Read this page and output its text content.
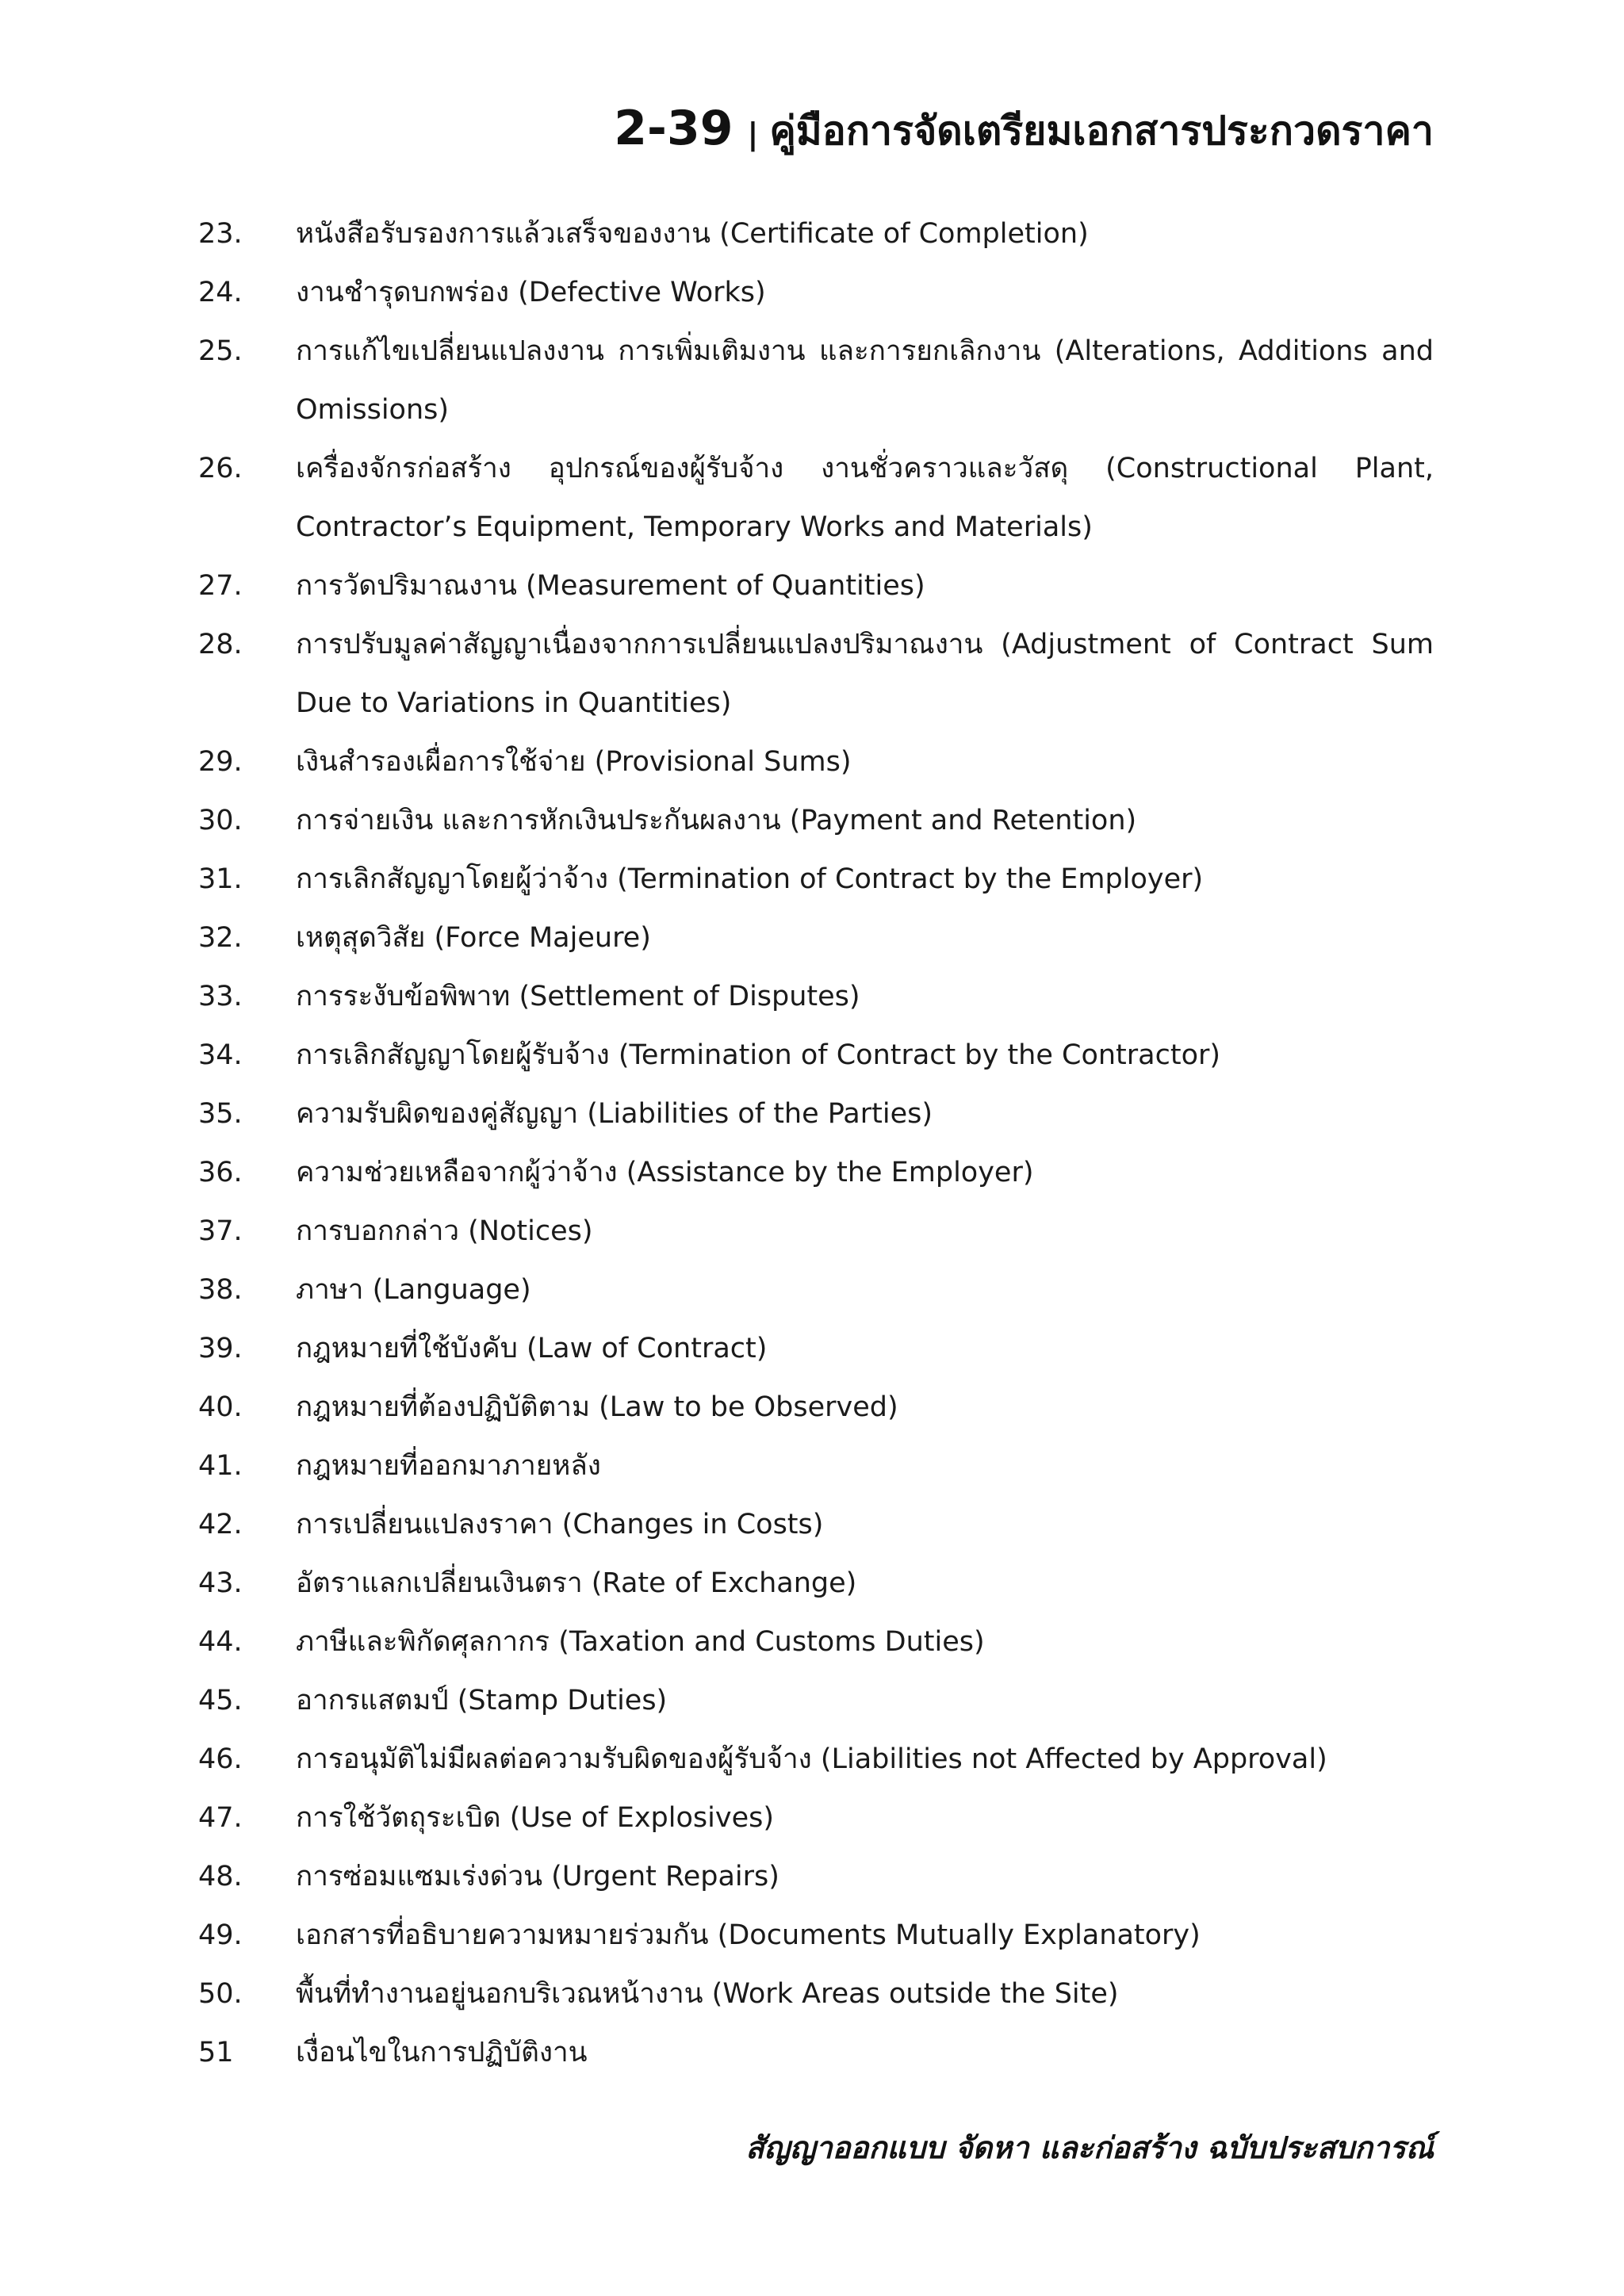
2-39 | คู่มือการจัดเตรียมเอกสารประกวดราคา
23.	หนังสือรับรองการแล้วเสร็จของงาน (Certificate of Completion)
24.	งานชำรุดบกพร่อง (Defective Works)
25.	การแก้ไขเปลี่ยนแปลงงาน การเพิ่มเติมงาน และการยกเลิกงาน (Alterations, Additions and Omissions)
26.	เครื่องจักรก่อสร้าง อุปกรณ์ของผู้รับจ้าง งานชั่วคราวและวัสดุ (Constructional Plant, Contractor’s Equipment, Temporary Works and Materials)
27.	การวัดปริมาณงาน (Measurement of Quantities)
28.	การปรับมูลค่าสัญญาเนื่องจากการเปลี่ยนแปลงปริมาณงาน (Adjustment of Contract Sum Due to Variations in Quantities)
29.	เงินสำรองเผื่อการใช้จ่าย (Provisional Sums)
30.	การจ่ายเงิน และการหักเงินประกันผลงาน (Payment and Retention)
31.	การเลิกสัญญาโดยผู้ว่าจ้าง (Termination of Contract by the Employer)
32.	เหตุสุดวิสัย (Force Majeure)
33.	การระงับข้อพิพาท (Settlement of Disputes)
34.	การเลิกสัญญาโดยผู้รับจ้าง (Termination of Contract by the Contractor)
35.	ความรับผิดของคู่สัญญา (Liabilities of the Parties)
36.	ความช่วยเหลือจากผู้ว่าจ้าง (Assistance by the Employer)
37.	การบอกกล่าว (Notices)
38.	ภาษา (Language)
39.	กฎหมายที่ใช้บังคับ (Law of Contract)
40.	กฎหมายที่ต้องปฏิบัติตาม (Law to be Observed)
41.	กฎหมายที่ออกมาภายหลัง
42.	การเปลี่ยนแปลงราคา (Changes in Costs)
43.	อัตราแลกเปลี่ยนเงินตรา (Rate of Exchange)
44.	ภาษีและพิกัดศุลกากร (Taxation and Customs Duties)
45.	อากรแสตมป์ (Stamp Duties)
46.	การอนุมัติไม่มีผลต่อความรับผิดของผู้รับจ้าง (Liabilities not Affected by Approval)
47.	การใช้วัตถุระเบิด (Use of Explosives)
48.	การซ่อมแซมเร่งด่วน (Urgent Repairs)
49.	เอกสารที่อธิบายความหมายร่วมกัน (Documents Mutually Explanatory)
50.	พื้นที่ทำงานอยู่นอกบริเวณหน้างาน (Work Areas outside the Site)
51	เงื่อนไขในการปฏิบัติงาน
สัญญาออกแบบ จัดหา และก่อสร้าง ฉบับประสบการณ์
